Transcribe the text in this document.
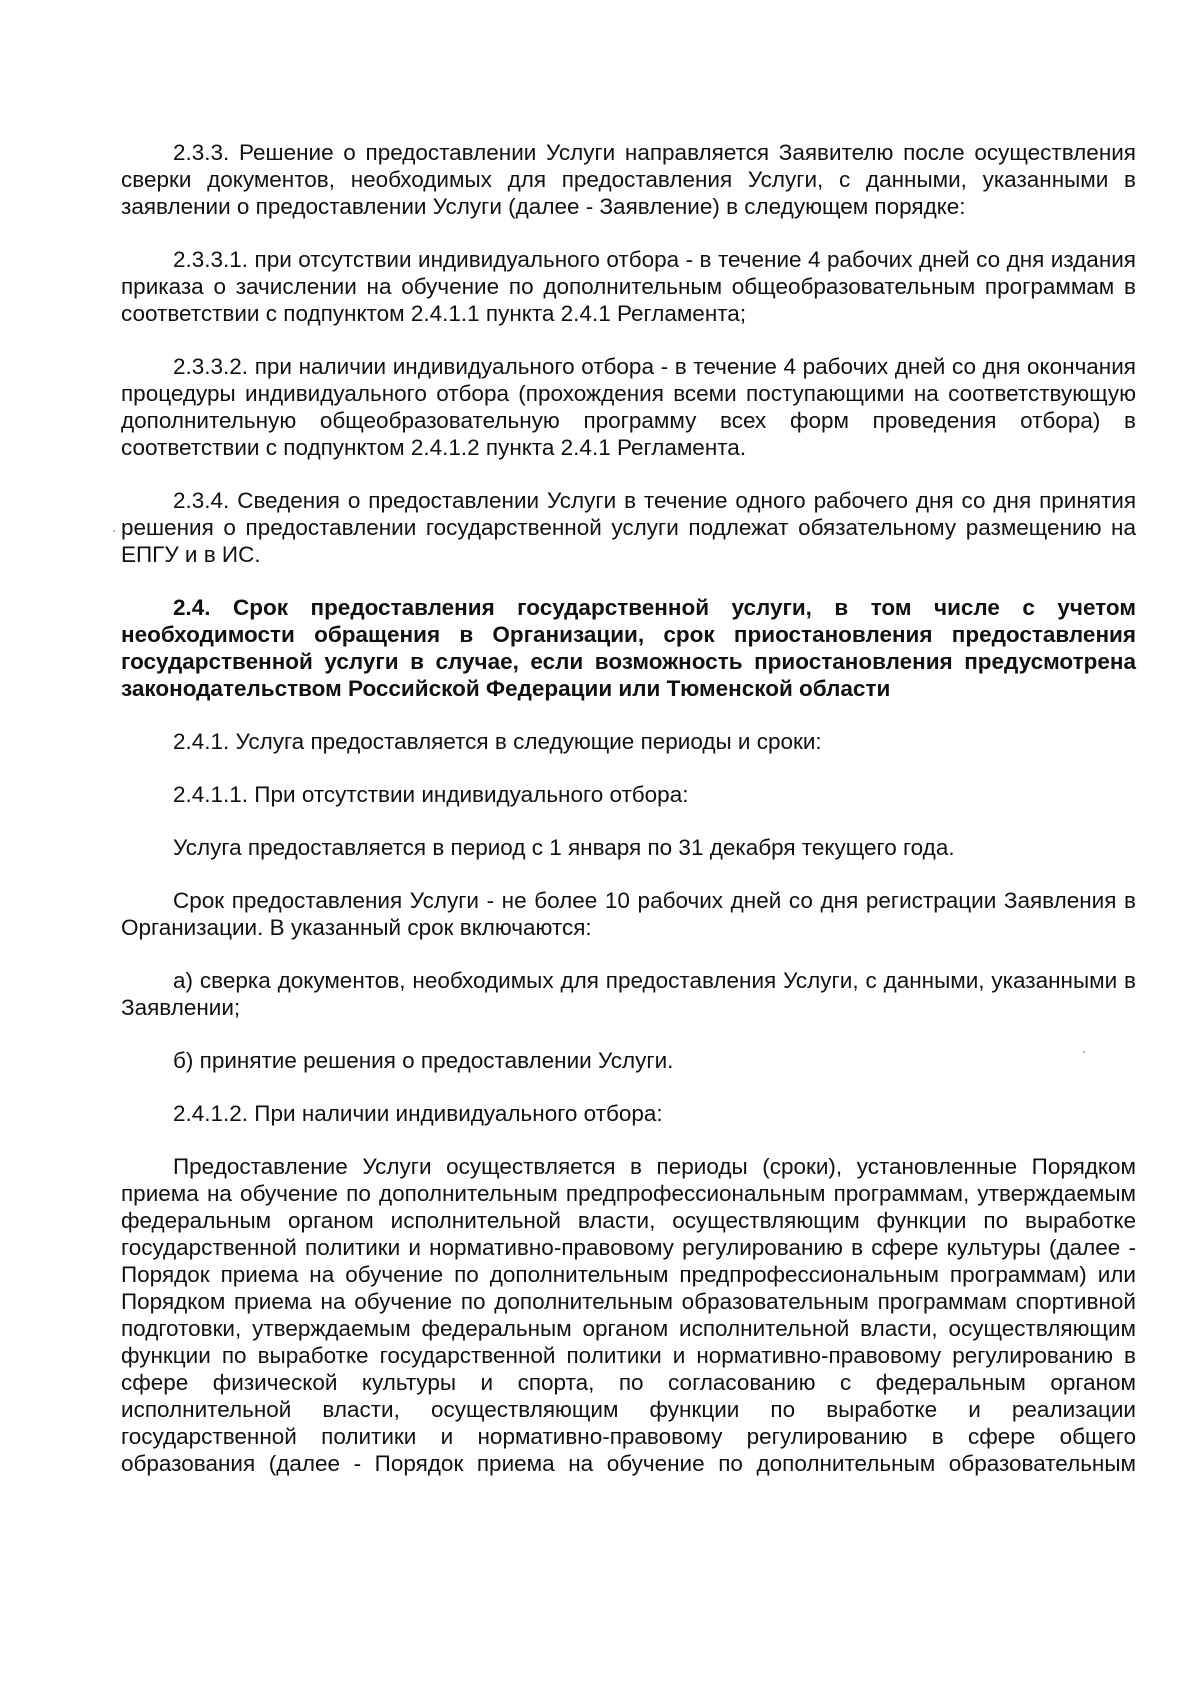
2.3.3. Решение о предоставлении Услуги направляется Заявителю после осуществления сверки документов, необходимых для предоставления Услуги, с данными, указанными в заявлении о предоставлении Услуги (далее - Заявление) в следующем порядке:

2.3.3.1. при отсутствии индивидуального отбора - в течение 4 рабочих дней со дня издания приказа о зачислении на обучение по дополнительным общеобразовательным программам в соответствии с подпунктом 2.4.1.1 пункта 2.4.1 Регламента;

2.3.3.2. при наличии индивидуального отбора - в течение 4 рабочих дней со дня окончания процедуры индивидуального отбора (прохождения всеми поступающими на соответствующую дополнительную общеобразовательную программу всех форм проведения отбора) в соответствии с подпунктом 2.4.1.2 пункта 2.4.1 Регламента.

2.3.4. Сведения о предоставлении Услуги в течение одного рабочего дня со дня принятия решения о предоставлении государственной услуги подлежат обязательному размещению на ЕПГУ и в ИС.

2.4. Срок предоставления государственной услуги, в том числе с учетом необходимости обращения в Организации, срок приостановления предоставления государственной услуги в случае, если возможность приостановления предусмотрена законодательством Российской Федерации или Тюменской области

2.4.1. Услуга предоставляется в следующие периоды и сроки:

2.4.1.1. При отсутствии индивидуального отбора:

Услуга предоставляется в период с 1 января по 31 декабря текущего года.

Срок предоставления Услуги - не более 10 рабочих дней со дня регистрации Заявления в Организации. В указанный срок включаются:

а) сверка документов, необходимых для предоставления Услуги, с данными, указанными в Заявлении;

б) принятие решения о предоставлении Услуги.

2.4.1.2. При наличии индивидуального отбора:

Предоставление Услуги осуществляется в периоды (сроки), установленные Порядком приема на обучение по дополнительным предпрофессиональным программам, утверждаемым федеральным органом исполнительной власти, осуществляющим функции по выработке государственной политики и нормативно-правовому регулированию в сфере культуры (далее - Порядок приема на обучение по дополнительным предпрофессиональным программам) или Порядком приема на обучение по дополнительным образовательным программам спортивной подготовки, утверждаемым федеральным органом исполнительной власти, осуществляющим функции по выработке государственной политики и нормативно-правовому регулированию в сфере физической культуры и спорта, по согласованию с федеральным органом исполнительной власти, осуществляющим функции по выработке и реализации государственной политики и нормативно-правовому регулированию в сфере общего образования (далее - Порядок приема на обучение по дополнительным образовательным
